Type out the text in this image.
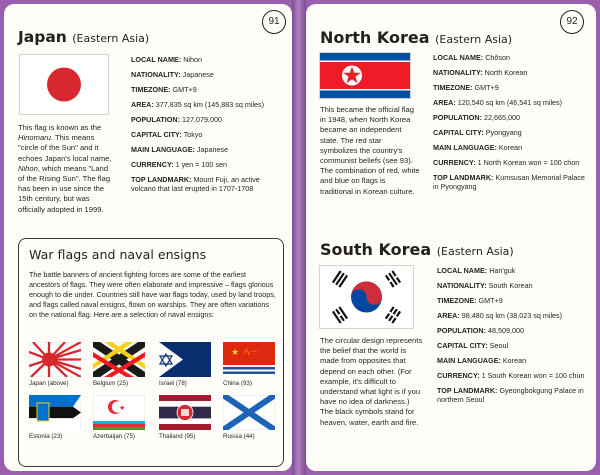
91
Japan (Eastern Asia)
This flag is known as the Hinomaru. This means "circle of the Sun" and it echoes Japan's local name, Nihon, which means "Land of the Rising Sun". The flag has been in use since the 15th century, but was officially adopted in 1999.
LOCAL NAME: Nihon
NATIONALITY: Japanese
TIMEZONE: GMT+9
AREA: 377,835 sq km (145,883 sq miles)
POPULATION: 127,079,000
CAPITAL CITY: Tokyo
MAIN LANGUAGE: Japanese
CURRENCY: 1 yen = 100 sen
TOP LANDMARK: Mount Fuji, an active volcano that last erupted in 1707-1708
War flags and naval ensigns
The battle banners of ancient fighting forces are some of the earliest ancestors of flags. They were often elaborate and impressive – flags glorious enough to die under. Countries still have war flags today, used by land troops, and flags called naval ensigns, flown on warships. They are often variations on the national flag. Here are a selection of naval ensigns:
Japan (above)	Belgium (25)	Israel (78)
★ 八一
China (93)
Estonia (23)
★
Azerbaijan (75)	Thailand (95)	Russia (44)
92
North Korea (Eastern Asia)
This became the official flag in 1948, when North Korea became an independent state. The red star symbolizes the country's communist beliefs (see 93). The combination of red, white and blue on flags is traditional in Korean culture.
LOCAL NAME: Chŏson
NATIONALITY: North Korean
TIMEZONE: GMT+9
AREA: 120,540 sq km (46,541 sq miles)
POPULATION: 22,665,000
CAPITAL CITY: Pyongyang
MAIN LANGUAGE: Korean
CURRENCY: 1 North Korean won = 100 chon
TOP LANDMARK: Kumsusan Memorial Palace in Pyongyang
South Korea (Eastern Asia)
The circular design represents the belief that the world is made from opposites that depend on each other. (For example, it's difficult to understand what light is if you have no idea of darkness.) The black symbols stand for heaven, water, earth and fire.
LOCAL NAME: Han'guk
NATIONALITY: South Korean
TIMEZONE: GMT+9
AREA: 98,480 sq km (38,023 sq miles)
POPULATION: 48,509,000
CAPITAL CITY: Seoul
MAIN LANGUAGE: Korean
CURRENCY: 1 South Korean won = 100 chun
TOP LANDMARK: Gyeongbokgung Palace in northern Seoul
